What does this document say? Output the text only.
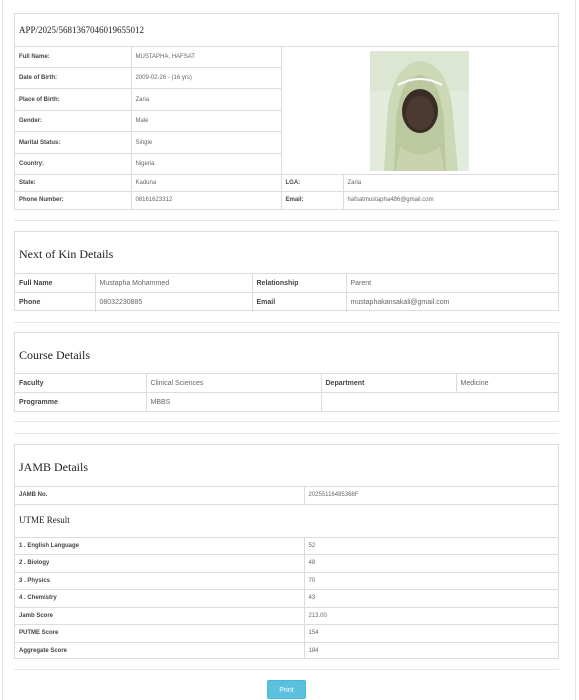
APP/2025/5681367046019655012
Full Name:	MUSTAPHA, HAFSAT	

Date of Birth:	2009-02-26 - (16 yrs)		
Place of Birth:	Zaria		
Gender:	Male		
Marital Status:	Single		
Country:	Nigeria		
State:	Kaduna	LGA:	Zaria
Phone Number:	08161623312	Email:	hafsatmustapha486@gmail.com
Next of Kin Details
Full Name	Mustapha Mohammed	Relationship	Parent
Phone	08032230885	Email	mustaphakansakali@gmail.com
Course Details
Faculty	Clinical Sciences	Department	Medicine
Programme	MBBS		
JAMB Details
JAMB No.	20255116485368F
UTME Result
1 . English Language	52
2 . Biology	48
3 . Physics	70
4 . Chemistry	43
Jamb Score	213.00
PUTME Score	154
Aggregate Score	184
Print
